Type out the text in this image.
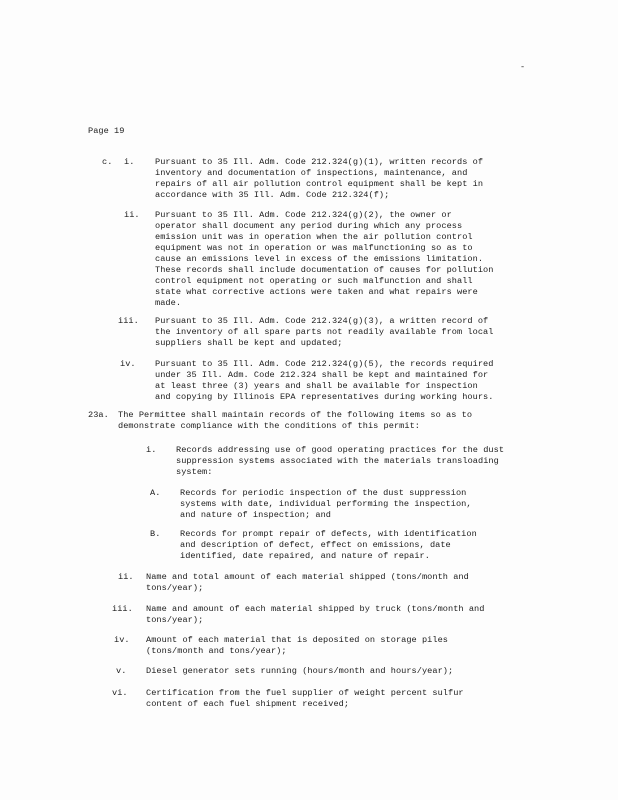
-
Page 19
c. i. Pursuant to 35 Ill. Adm. Code 212.324(g)(1), written records of
inventory and documentation of inspections, maintenance, and
repairs of all air pollution control equipment shall be kept in
accordance with 35 Ill. Adm. Code 212.324(f);
ii. Pursuant to 35 Ill. Adm. Code 212.324(g)(2), the owner or
operator shall document any period during which any process
emission unit was in operation when the air pollution control
equipment was not in operation or was malfunctioning so as to
cause an emissions level in excess of the emissions limitation.
These records shall include documentation of causes for pollution
control equipment not operating or such malfunction and shall
state what corrective actions were taken and what repairs were
made.
iii. Pursuant to 35 Ill. Adm. Code 212.324(g)(3), a written record of
the inventory of all spare parts not readily available from local
suppliers shall be kept and updated;
iv. Pursuant to 35 Ill. Adm. Code 212.324(g)(5), the records required
under 35 Ill. Adm. Code 212.324 shall be kept and maintained for
at least three (3) years and shall be available for inspection
and copying by Illinois EPA representatives during working hours.
23a. The Permittee shall maintain records of the following items so as to
demonstrate compliance with the conditions of this permit:
i. Records addressing use of good operating practices for the dust
suppression systems associated with the materials transloading
system:
A. Records for periodic inspection of the dust suppression
systems with date, individual performing the inspection,
and nature of inspection; and
B. Records for prompt repair of defects, with identification
and description of defect, effect on emissions, date
identified, date repaired, and nature of repair.
ii. Name and total amount of each material shipped (tons/month and
tons/year);
iii. Name and amount of each material shipped by truck (tons/month and
tons/year);
iv. Amount of each material that is deposited on storage piles
(tons/month and tons/year);
v. Diesel generator sets running (hours/month and hours/year);
vi. Certification from the fuel supplier of weight percent sulfur
content of each fuel shipment received;
